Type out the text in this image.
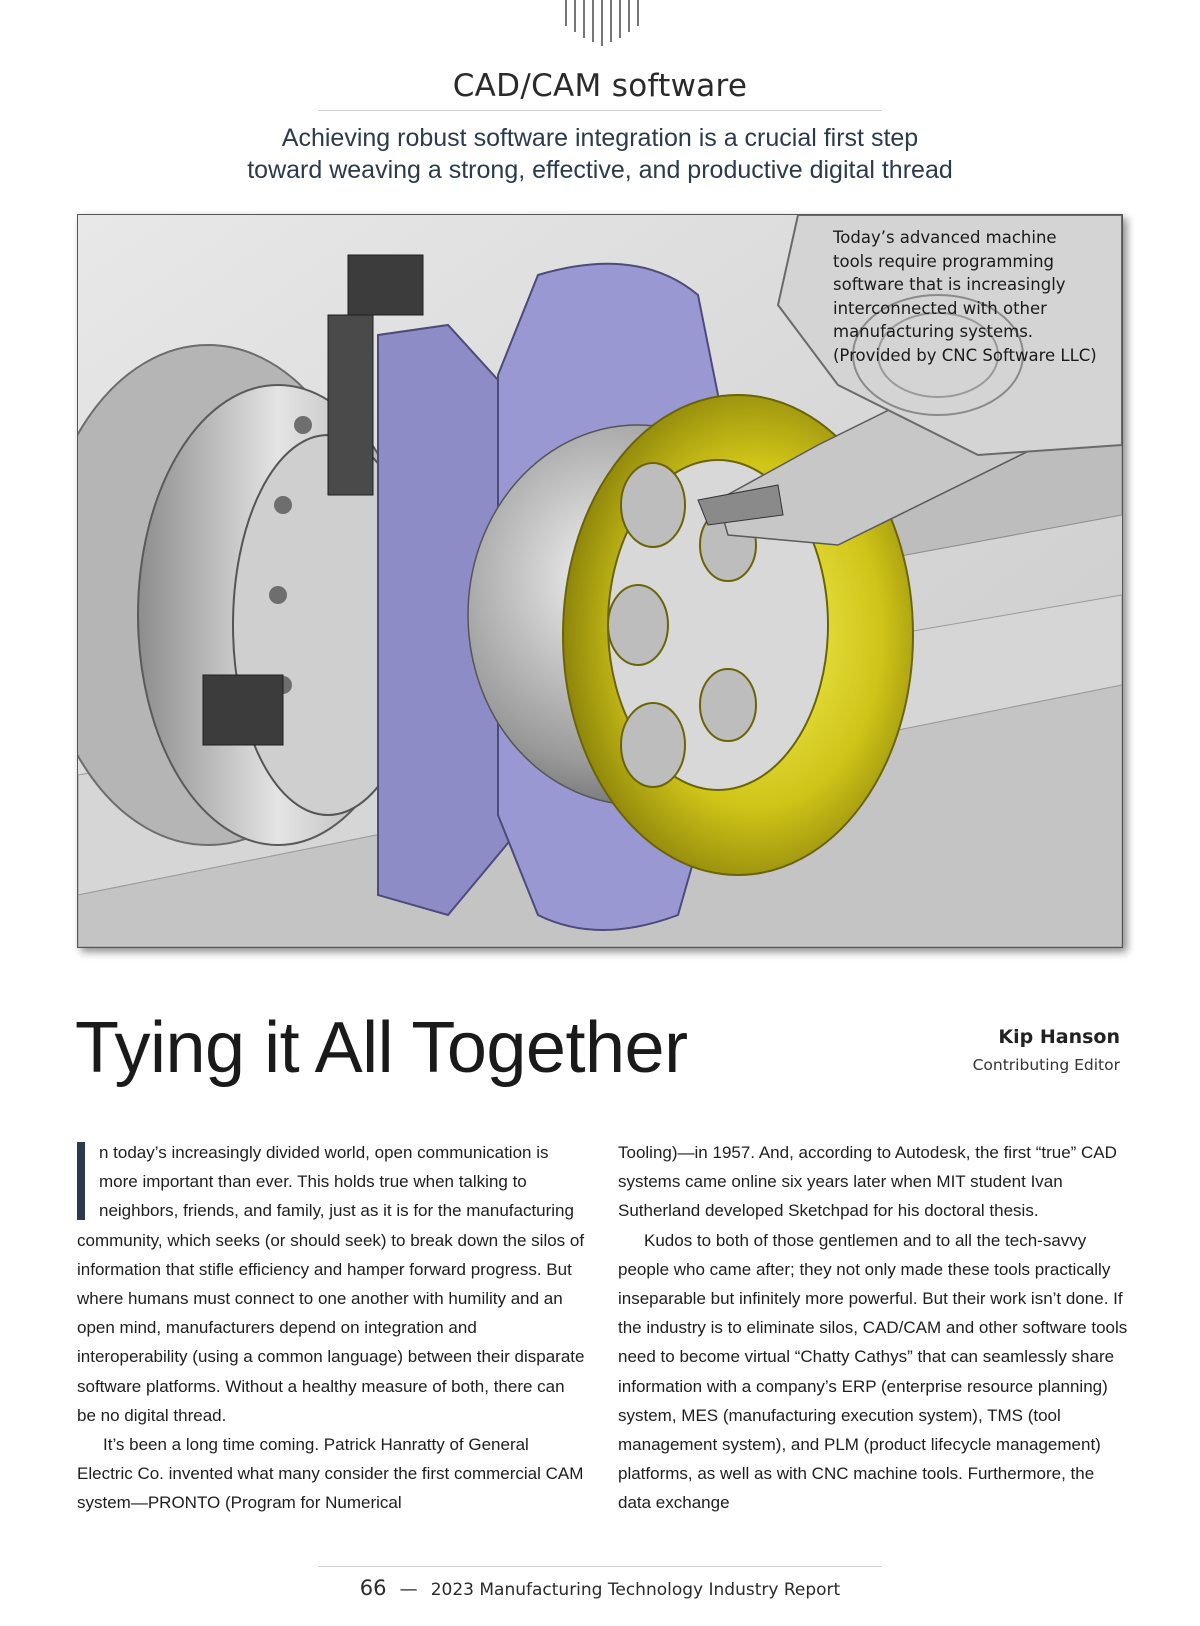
CAD/CAM software
Achieving robust software integration is a crucial first step
toward weaving a strong, effective, and productive digital thread
Today’s advanced machine
tools require programming
software that is increasingly
interconnected with other
manufacturing systems.
(Provided by CNC Software LLC)
Tying it All Together	Kip Hanson
Contributing Editor

n today’s increasingly divided world, open communication is more important than ever. This holds true when talking to neighbors, friends, and family, just as it is for the manufacturing community, which seeks (or should seek) to break down the silos of information that stifle efficiency and hamper forward progress. But where humans must connect to one another with humility and an open mind, manufacturers depend on integration and interoperability (using a common language) between their disparate software platforms. Without a healthy measure of both, there can be no digital thread.

It’s been a long time coming. Patrick Hanratty of General Electric Co. invented what many consider the first commercial CAM system—PRONTO (Program for Numerical

Tooling)—in 1957. And, according to Autodesk, the first “true” CAD systems came online six years later when MIT student Ivan Sutherland developed Sketchpad for his doctoral thesis.

Kudos to both of those gentlemen and to all the tech-savvy people who came after; they not only made these tools practically inseparable but infinitely more powerful. But their work isn’t done. If the industry is to eliminate silos, CAD/CAM and other software tools need to become virtual “Chatty Cathys” that can seamlessly share information with a company’s ERP (enterprise resource planning) system, MES (manufacturing execution system), TMS (tool management system), and PLM (product lifecycle management) platforms, as well as with CNC machine tools. Furthermore, the data exchange

66 — 2023 Manufacturing Technology Industry Report
